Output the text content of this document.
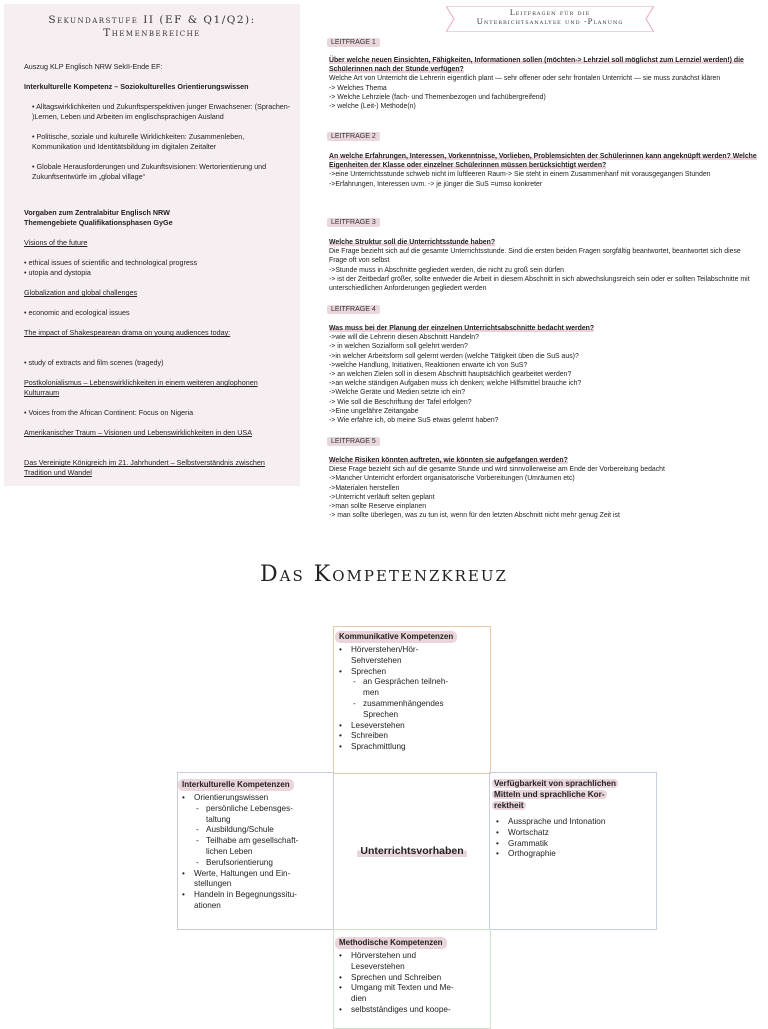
Sekundarstufe II (EF & Q1/Q2):
Themenbereiche
Auszug KLP Englisch NRW SekII-Ende EF:
Interkulturelle Kompetenz – Soziokulturelles Orientierungswissen
• Alltagswirklichkeiten und Zukunftsperspektiven junger Erwachsener: (Sprachen- )Lernen, Leben und Arbeiten im englischsprachigen Ausland
• Politische, soziale und kulturelle Wirklichkeiten: Zusammenleben, Kommunikation und Identitätsbildung im digitalen Zeitalter
• Globale Herausforderungen und Zukunftsvisionen: Wertorientierung und Zukunftsentwürfe im „global village“
Vorgaben zum Zentralabitur Englisch NRW
Themengebiete Qualifikationsphasen GyGe
Visions of the future
• ethical issues of scientific and technological progress
• utopia and dystopia
Globalization and global challenges
• economic and ecological issues
The impact of Shakespearean drama on young audiences today:
• study of extracts and film scenes (tragedy)
Postkolonialismus – Lebenswirklichkeiten in einem weiteren anglophonen Kulturraum
• Voices from the African Continent: Focus on Nigeria
Amerikanischer Traum – Visionen und Lebenswirklichkeiten in den USA
Das Vereinigte Königreich im 21. Jahrhundert – Selbstverständnis zwischen Tradition und Wandel
Leitfragen für die
Unterrichtsanalyse und -Planung
LEITFRAGE 1
Über welche neuen Einsichten, Fähigkeiten, Informationen sollen (möchten-> Lehrziel soll möglichst zum Lernziel werden!) die Schülerinnen nach der Stunde verfügen?
Welche Art von Unterricht die Lehrerin eigentlich plant — sehr offener oder sehr frontalen Unterricht — sie muss zunächst klären
-> Welches Thema
-> Welche Lehrziele (fach- und Themenbezogen und fachübergreifend)
-> welche (Leit-) Methode(n)
LEITFRAGE 2
An welche Erfahrungen, Interessen, Vorkenntnisse, Vorlieben, Problemsichten der Schülerinnen kann angeknüpft werden? Welche Eigenheiten der Klasse oder einzelner Schülerinnen müssen berücksichtigt werden?
->eine Unterrichtsstunde schweb nicht im luftleeren Raum-> Sie steht in einem Zusammenhanf mit vorausgegangen Stunden
->Erfahrungen, Interessen uvm. -> je jünger die SuS =umso konkreter
LEITFRAGE 3
Welche Struktur soll die Unterrichtsstunde haben?
Die Frage bezieht sich auf die gesamte Unterrichtsstunde. Sind die ersten beiden Fragen sorgfältig beantwortet, beantwortet sich diese Frage oft von selbst
->Stunde muss in Abschnitte gegliedert werden, die nicht zu groß sein dürfen
-> ist der Zeitbedarf größer, sollte entweder die Arbeit in diesem Abschnitt in sich abwechslungsreich sein oder er sollten Teilabschnitte mit unterschiedlichen Anforderungen gegliedert werden
LEITFRAGE 4
Was muss bei der Planung der einzelnen Unterrichtsabschnitte bedacht werden?
->wie will die Lehrerin diesen Abschnitt Handeln?
-> in welchen Sozialform soll gelehrt werden?
->in welcher Arbeitsform soll gelernt werden (welche Tätigkeit üben die SuS aus)?
->welche Handlung, Initiativen, Reaktionen erwarte ich von SuS?
-> an welchen Zielen soll in diesem Abschnitt hauptsächlich gearbeitet werden?
->an welche ständigen Aufgaben muss ich denken; welche Hilfsmittel brauche ich?
->Welche Geräte und Medien setzte ich ein?
-> Wie soll die Beschriftung der Tafel erfolgen?
->Eine ungefähre Zeitangabe
-> Wie erfahre ich, ob meine SuS etwas gelernt haben?
LEITFRAGE 5
Welche Risiken könnten auftreten, wie könnten sie aufgefangen werden?
Diese Frage bezieht sich auf die gesamte Stunde und wird sinnvollerweise am Ende der Vorbereitung bedacht
->Mancher Unterricht erfordert organisatorische Vorbereitungen (Umräumen etc)
->Materialen herstellen
->Unterricht verläuft selten geplant
->man sollte Reserve einplanen
-> man sollte überlegen, was zu tun ist, wenn für den letzten Abschnitt nicht mehr genug Zeit ist
Das Kompetenzkreuz
Kommunikative Kompetenzen
• Hörverstehen/Hör-
Sehverstehen
• Sprechen
- an Gesprächen teilneh-
men
- zusammenhängendes
Sprechen
• Leseverstehen
• Schreiben
• Sprachmittlung
Interkulturelle Kompetenzen
• Orientierungswissen
- persönliche Lebensges-
taltung
- Ausbildung/Schule
- Teilhabe am gesellschaft-
lichen Leben
- Berufsorientierung
• Werte, Haltungen und Ein-
stellungen
• Handeln in Begegnungssitu-
ationen
Unterrichtsvorhaben
Verfügbarkeit von sprachlichen
Mitteln und sprachliche Kor-
rektheit
• Aussprache und Intonation
• Wortschatz
• Grammatik
• Orthographie
Methodische Kompetenzen
• Hörverstehen und
Leseverstehen
• Sprechen und Schreiben
• Umgang mit Texten und Me-
dien
• selbstständiges und koope-
